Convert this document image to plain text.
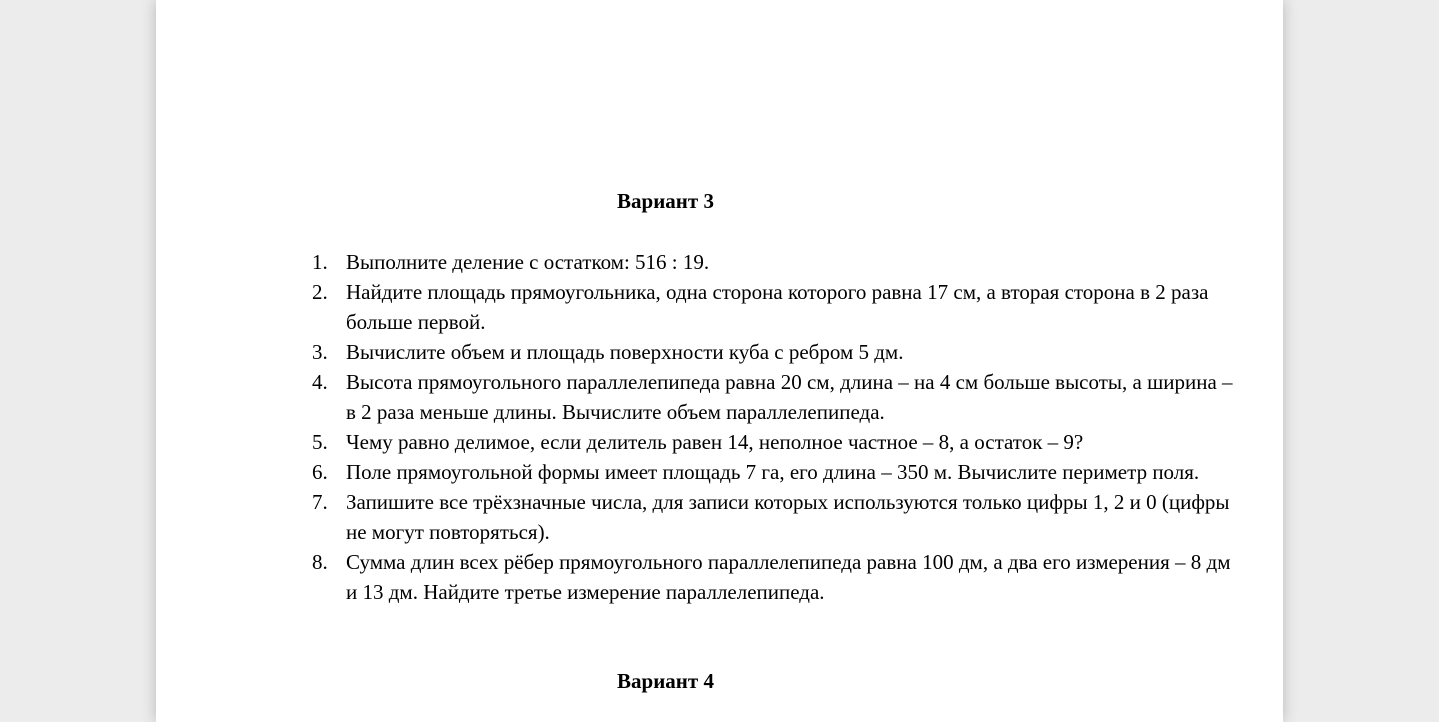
Вариант 3
1. Выполните деление с остатком: 516 : 19.
2. Найдите площадь прямоугольника, одна сторона которого равна 17 см, а вторая сторона в 2 раза больше первой.
3. Вычислите объем и площадь поверхности куба с ребром 5 дм.
4. Высота прямоугольного параллелепипеда равна 20 см, длина – на 4 см больше высоты, а ширина – в 2 раза меньше длины. Вычислите объем параллелепипеда.
5. Чему равно делимое, если делитель равен 14, неполное частное – 8, а остаток – 9?
6. Поле прямоугольной формы имеет площадь 7 га, его длина – 350 м. Вычислите периметр поля.
7. Запишите все трёхзначные числа, для записи которых используются только цифры 1, 2 и 0 (цифры не могут повторяться).
8. Сумма длин всех рёбер прямоугольного параллелепипеда равна 100 дм, а два его измерения – 8 дм и 13 дм. Найдите третье измерение параллелепипеда.
Вариант 4
